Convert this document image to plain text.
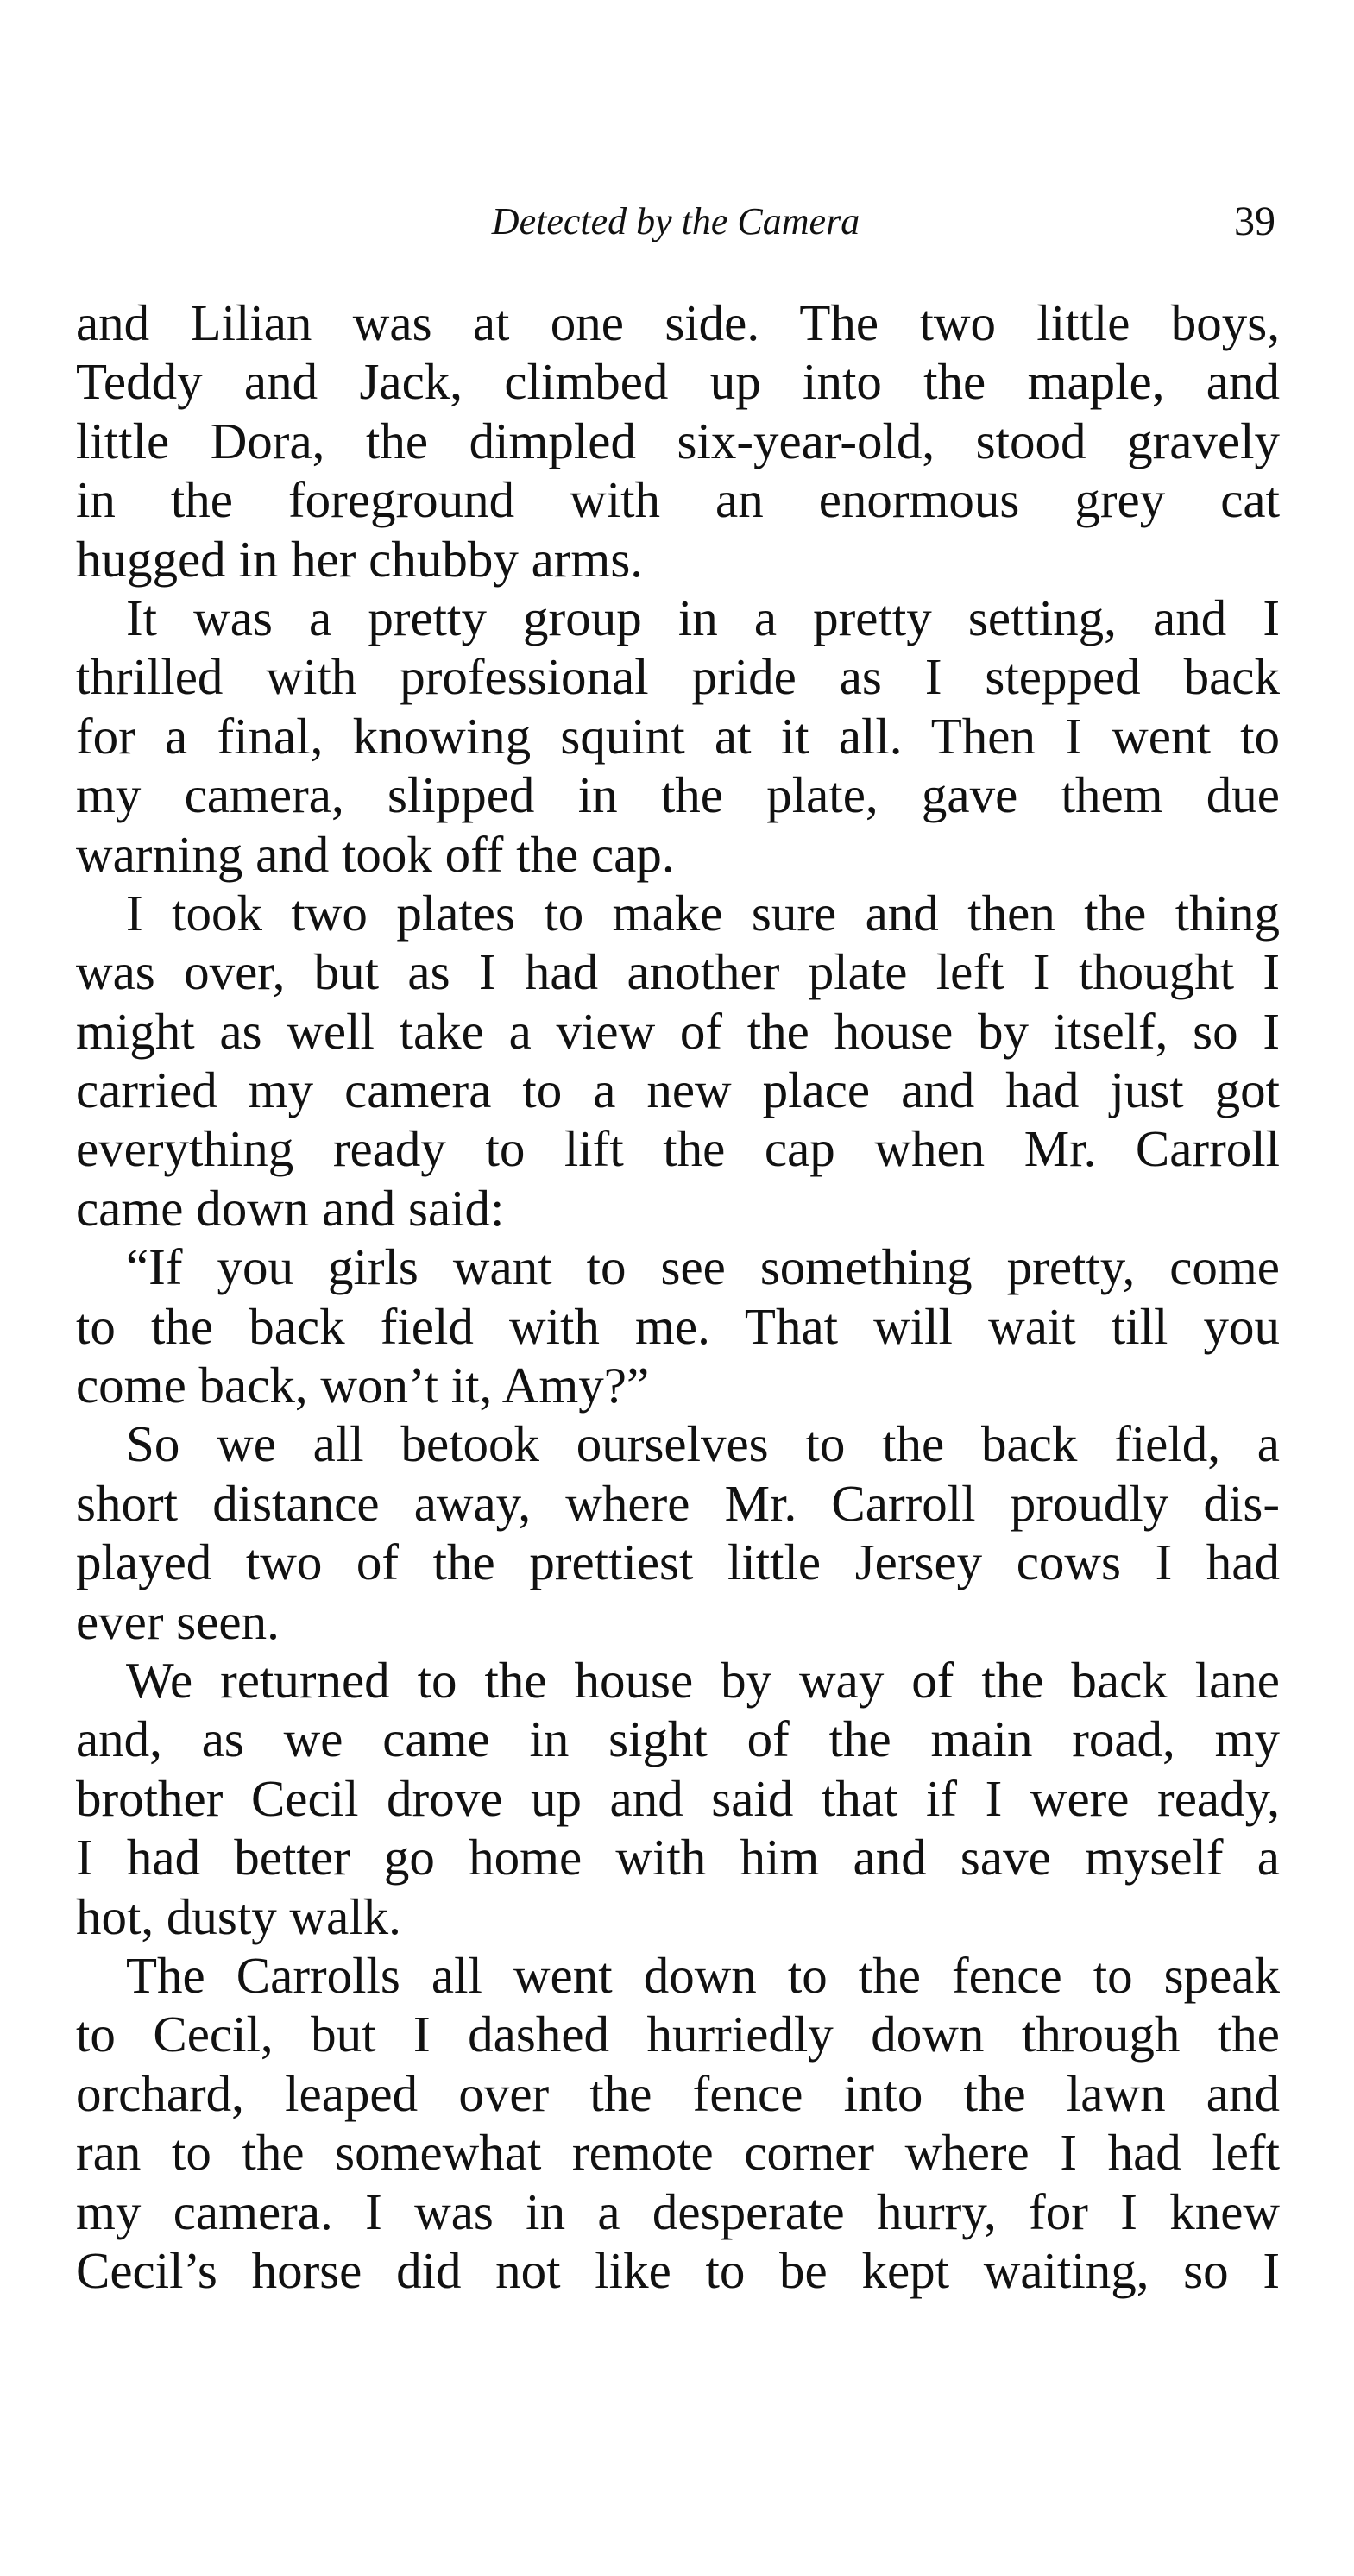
Detected by the Camera	39
and Lilian was at one side. The two little boys,
Teddy and Jack, climbed up into the maple, and
little Dora, the dimpled six-year-old, stood gravely
in the foreground with an enormous grey cat
hugged in her chubby arms.
It was a pretty group in a pretty setting, and I
thrilled with professional pride as I stepped back
for a final, knowing squint at it all. Then I went to
my camera, slipped in the plate, gave them due
warning and took off the cap.
I took two plates to make sure and then the thing
was over, but as I had another plate left I thought I
might as well take a view of the house by itself, so I
carried my camera to a new place and had just got
everything ready to lift the cap when Mr. Carroll
came down and said:
“If you girls want to see something pretty, come
to the back field with me. That will wait till you
come back, won’t it, Amy?”
So we all betook ourselves to the back field, a
short distance away, where Mr. Carroll proudly dis-
played two of the prettiest little Jersey cows I had
ever seen.
We returned to the house by way of the back lane
and, as we came in sight of the main road, my
brother Cecil drove up and said that if I were ready,
I had better go home with him and save myself a
hot, dusty walk.
The Carrolls all went down to the fence to speak
to Cecil, but I dashed hurriedly down through the
orchard, leaped over the fence into the lawn and
ran to the somewhat remote corner where I had left
my camera. I was in a desperate hurry, for I knew
Cecil’s horse did not like to be kept waiting, so I
